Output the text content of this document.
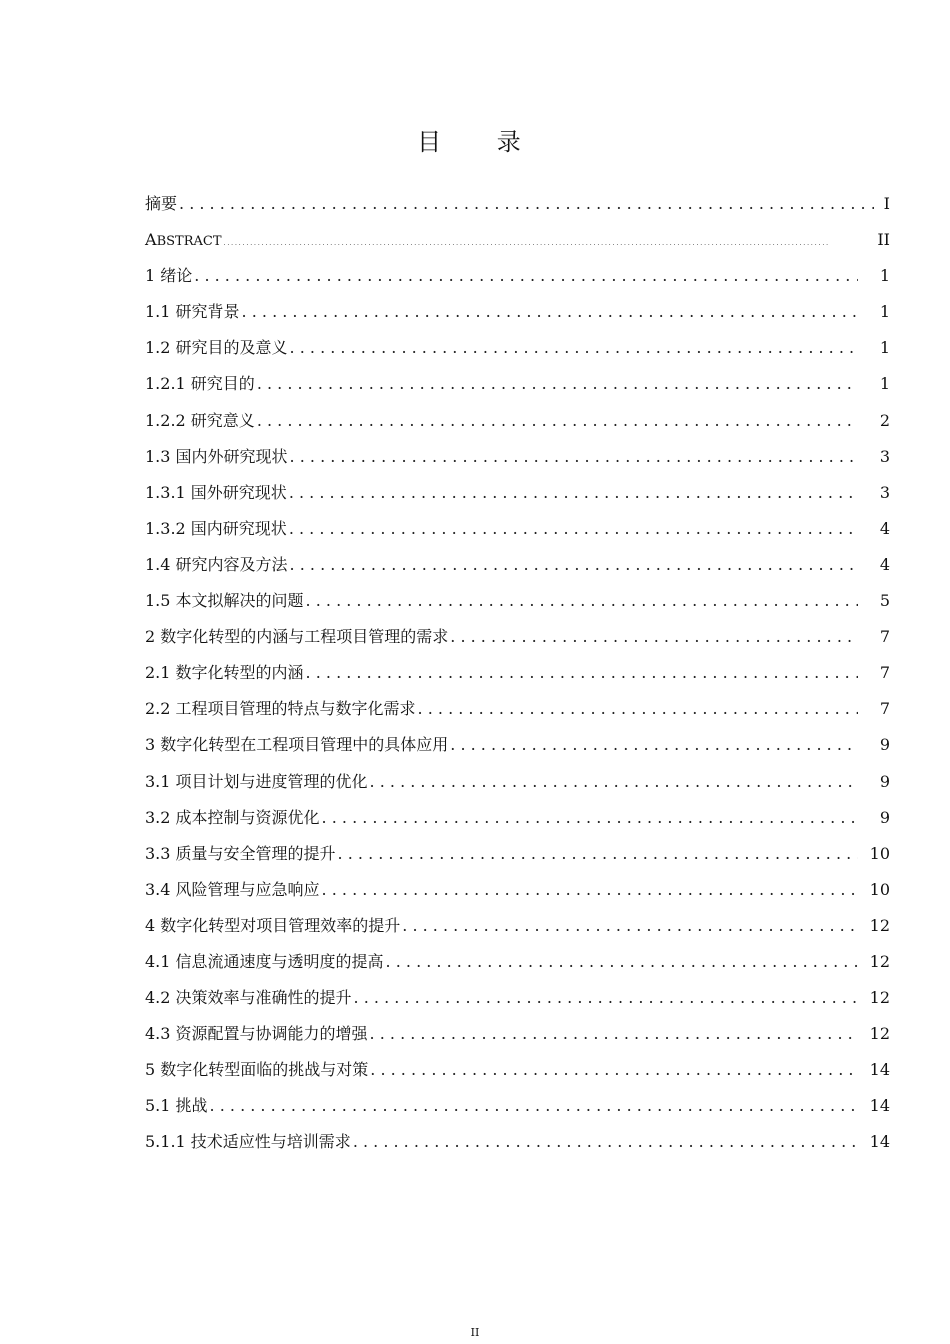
目 录
摘要 . . .	I
ABSTRACT . . .	II
1 绪论 . . .	1
1.1 研究背景 . . .	1
1.2 研究目的及意义 . . .	1
1.2.1 研究目的 . . .	1
1.2.2 研究意义 . . .	2
1.3 国内外研究现状 . . .	3
1.3.1 国外研究现状 . . .	3
1.3.2 国内研究现状 . . .	4
1.4 研究内容及方法 . . .	4
1.5 本文拟解决的问题 . . .	5
2 数字化转型的内涵与工程项目管理的需求 . . .	7
2.1 数字化转型的内涵 . . .	7
2.2 工程项目管理的特点与数字化需求 . . .	7
3 数字化转型在工程项目管理中的具体应用 . . .	9
3.1 项目计划与进度管理的优化 . . .	9
3.2 成本控制与资源优化 . . .	9
3.3 质量与安全管理的提升 . . .	10
3.4 风险管理与应急响应 . . .	10
4 数字化转型对项目管理效率的提升 . . .	12
4.1 信息流通速度与透明度的提高 . . .	12
4.2 决策效率与准确性的提升 . . .	12
4.3 资源配置与协调能力的增强 . . .	12
5 数字化转型面临的挑战与对策 . . .	14
5.1 挑战 . . .	14
5.1.1 技术适应性与培训需求 . . .	14
II
